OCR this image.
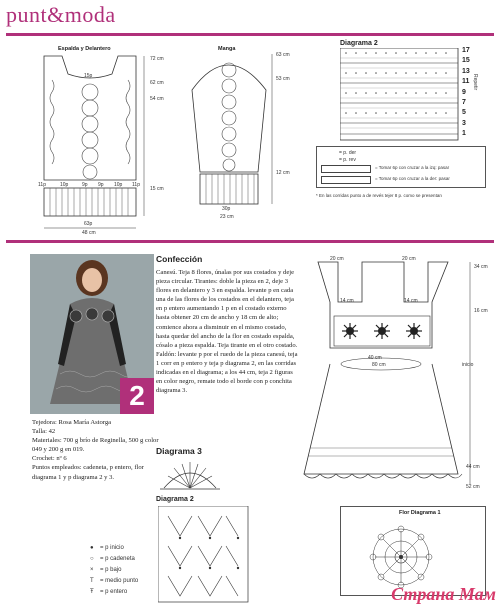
punt&moda
Espalda y Delantero
15p
11p	10p	9p 9p 10p 11p
63p
48 cm
72 cm
62 cm
54 cm
15 cm
Manga
30p
23 cm
63 cm
53 cm
12 cm
Diagrama 2
17
15
13
11
9
7
5
3
1
Repetir
= p. der
= p. rev
= Tomar 6p con cruzar a la izq: pasar
= Tomar 6p con cruzar a la der: pasar
* En las corridas punto a de revés tejer 8 p. como se presentan
2
Tejedora: Rosa María Astorga
Talla: 42
Materiales: 700 g brío de Reginella, 500 g color 049 y 200 g en 019.
Crochet: nº 6
Puntos empleados: cadeneta, p entero, flor diagrama 1 y p diagrama 2 y 3.
Confección

Canesú. Teja 8 flores, únalas por sus costados y deje pieza circular. Tirantes: doble la pieza en 2, deje 3 flores en delantero y 3 en espalda. levante p en cada una de las flores de los costados en el delantero, teja en p entero aumentando 1 p en el costado externo hasta obtener 20 cm de ancho y 18 cm de alto; comience ahora a disminuir en el mismo costado, hasta quedar del ancho de la flor en costado espalda, cósalo a pieza espalda. Teja tirante en el otro costado.

Faldón: levante p por el ruedo de la pieza canesú, teja 1 corr en p entero y teja p diagrama 2, en las corridas indicadas en el diagrama; a los 44 cm, teja 2 figuras en color negro, remate todo el borde con p conchita diagrama 3.

20 cm	20 cm
34 cm
16 cm
14 cm	14 cm
40 cm
80 cm	inicio
44 cm
52 cm
Diagrama 3
Diagrama 2
● = p inicio
○ = p cadeneta
× = p bajo
T = medio punto
Ŧ = p entero
Flor Diagrama 1
Страна Мам
